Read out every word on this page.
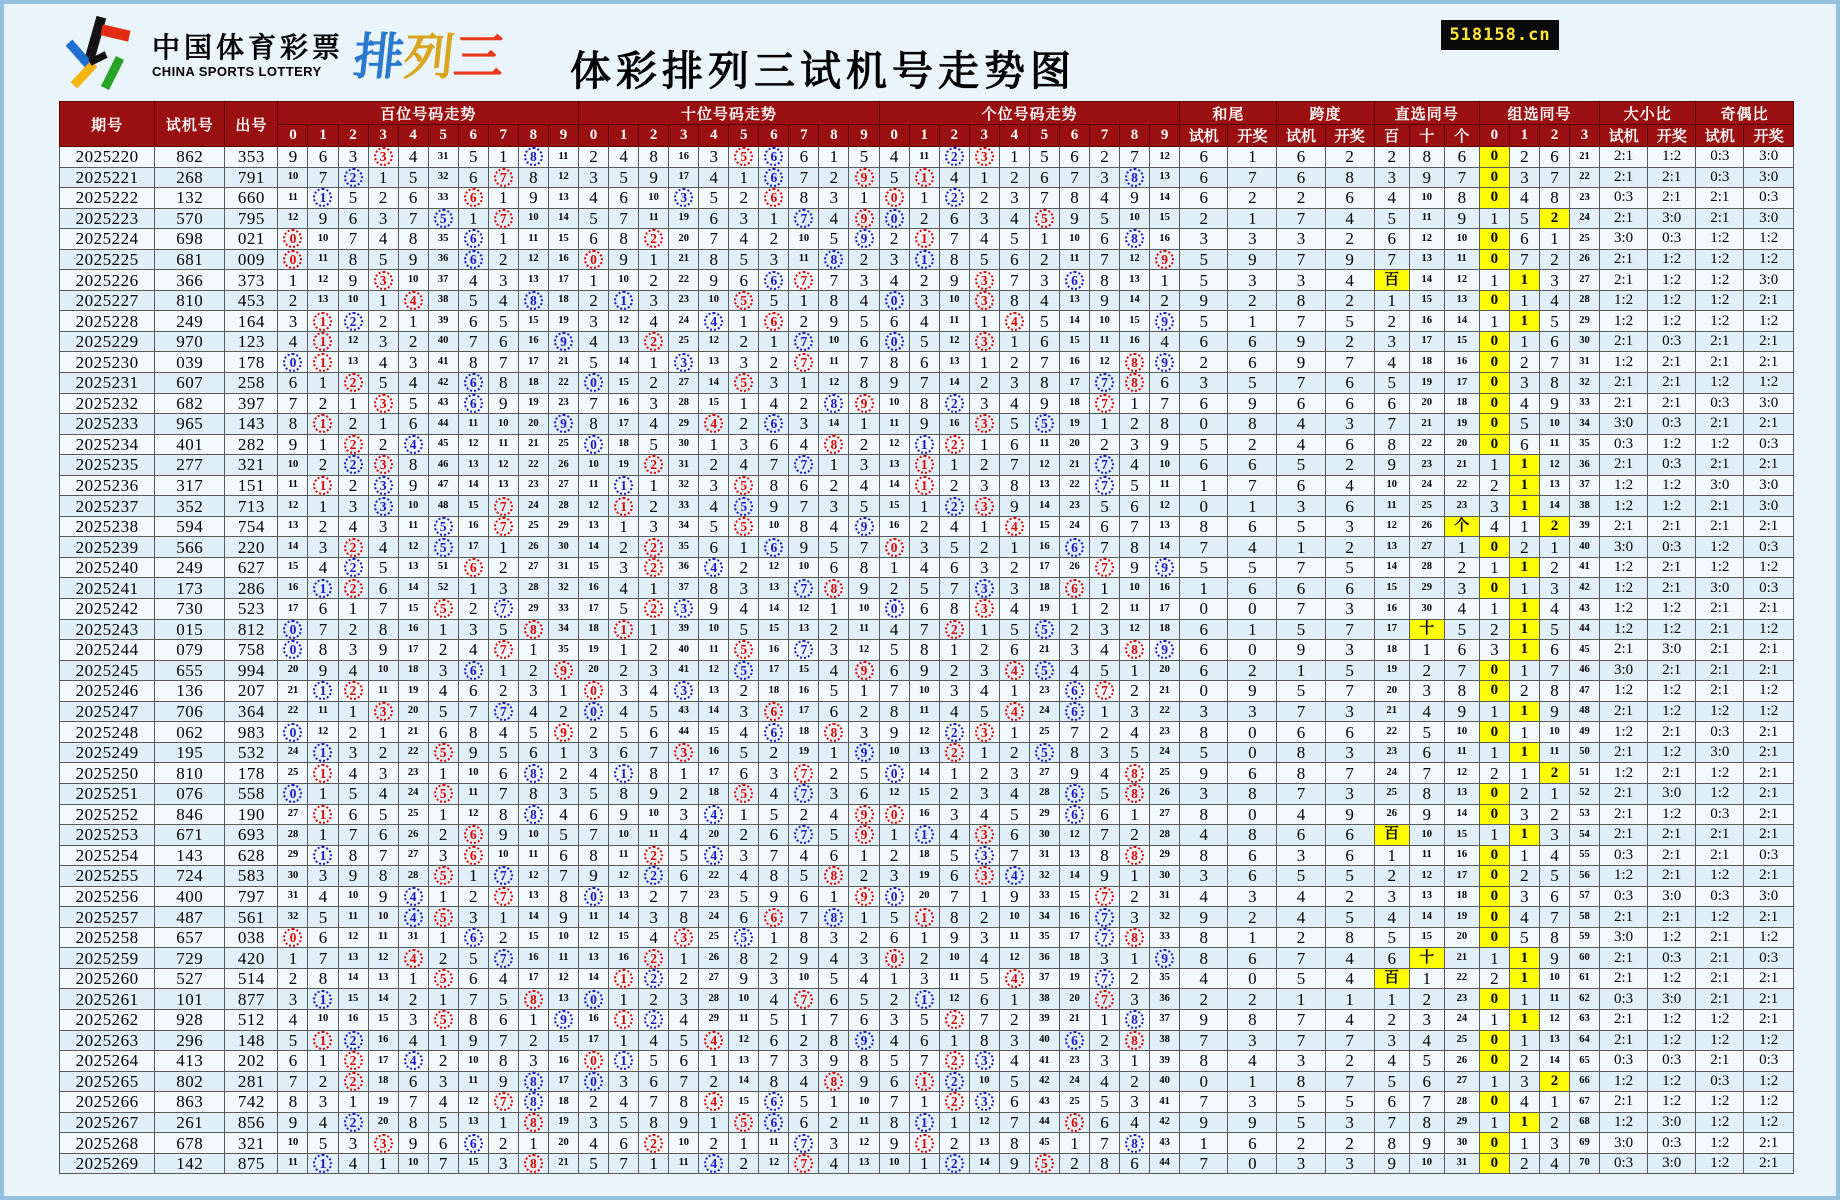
中国体育彩票
CHINA SPORTS LOTTERY 排
列
三 体彩排列三试机号走势图
518158.cn
期号	试机号	出号	百位号码走势										十位号码走势										个位号码走势										和尾		跨度		直选同号			组选同号				大小比		奇偶比	
			0	1	2	3	4	5	6	7	8	9	0	1	2	3	4	5	6	7	8	9	0	1	2	3	4	5	6	7	8	9	试机	开奖	试机	开奖	百	十	个	0	1	2	3	试机	开奖	试机	开奖
2025220	862	353	9	6	3	3	4	31	5	1	8	11	2	4	8	16	3	5	6	6	1	5	4	11	2	3	1	5	6	2	7	12	6	1	6	2	2	8	6	0	2	6	21	2:1	1:2	0:3	3:0
2025221	268	791	10	7	2	1	5	32	6	7	8	12	3	5	9	17	4	1	6	7	2	9	5	1	4	1	2	6	7	3	8	13	6	7	6	8	3	9	7	0	3	7	22	2:1	2:1	0:3	3:0
2025222	132	660	11	1	5	2	6	33	6	1	9	13	4	6	10	3	5	2	6	8	3	1	0	1	2	2	3	7	8	4	9	14	6	2	2	6	4	10	8	0	4	8	23	0:3	2:1	2:1	0:3
2025223	570	795	12	9	6	3	7	5	1	7	10	14	5	7	11	19	6	3	1	7	4	9	0	2	6	3	4	5	9	5	10	15	2	1	7	4	5	11	9	1	5	2	24	2:1	3:0	2:1	3:0
2025224	698	021	0	10	7	4	8	35	6	1	11	15	6	8	2	20	7	4	2	10	5	9	2	1	7	4	5	1	10	6	8	16	3	3	3	2	6	12	10	0	6	1	25	3:0	0:3	1:2	1:2
2025225	681	009	0	11	8	5	9	36	6	2	12	16	0	9	1	21	8	5	3	11	8	2	3	1	8	5	6	2	11	7	12	9	5	9	7	9	7	13	11	0	7	2	26	2:1	1:2	1:2	1:2
2025226	366	373	1	12	9	3	10	37	4	3	13	17	1	10	2	22	9	6	6	7	7	3	4	2	9	3	7	3	6	8	13	1	5	3	3	4	百	14	12	1	1	3	27	2:1	1:2	1:2	3:0
2025227	810	453	2	13	10	1	4	38	5	4	8	18	2	1	3	23	10	5	5	1	8	4	0	3	10	3	8	4	13	9	14	2	9	2	8	2	1	15	13	0	1	4	28	1:2	1:2	1:2	2:1
2025228	249	164	3	1	2	2	1	39	6	5	15	19	3	12	4	24	4	1	6	2	9	5	6	4	11	1	4	5	14	10	15	9	5	1	7	5	2	16	14	1	1	5	29	1:2	1:2	1:2	1:2
2025229	970	123	4	1	12	3	2	40	7	6	16	9	4	13	2	25	12	2	1	7	10	6	0	5	12	3	1	6	15	11	16	4	6	6	9	2	3	17	15	0	1	6	30	2:1	0:3	2:1	2:1
2025230	039	178	0	1	13	4	3	41	8	7	17	21	5	14	1	3	13	3	2	7	11	7	8	6	13	1	2	7	16	12	8	9	2	6	9	7	4	18	16	0	2	7	31	1:2	2:1	2:1	2:1
2025231	607	258	6	1	2	5	4	42	6	8	18	22	0	15	2	27	14	5	3	1	12	8	9	7	14	2	3	8	17	7	8	6	3	5	7	6	5	19	17	0	3	8	32	2:1	2:1	1:2	1:2
2025232	682	397	7	2	1	3	5	43	6	9	19	23	7	16	3	28	15	1	4	2	8	9	10	8	2	3	4	9	18	7	1	7	6	9	6	6	6	20	18	0	4	9	33	2:1	2:1	0:3	3:0
2025233	965	143	8	1	2	1	6	44	11	10	20	9	8	17	4	29	4	2	6	3	14	1	11	9	16	3	5	5	19	1	2	8	0	8	4	3	7	21	19	0	5	10	34	3:0	0:3	2:1	2:1
2025234	401	282	9	1	2	2	4	45	12	11	21	25	0	18	5	30	1	3	6	4	8	2	12	1	2	1	6	11	20	2	3	9	5	2	4	6	8	22	20	0	6	11	35	0:3	1:2	1:2	0:3
2025235	277	321	10	2	2	3	8	46	13	12	22	26	10	19	2	31	2	4	7	7	1	3	13	1	1	2	7	12	21	7	4	10	6	6	5	2	9	23	21	1	1	12	36	2:1	0:3	2:1	2:1
2025236	317	151	11	1	2	3	9	47	14	13	23	27	11	1	1	32	3	5	8	6	2	4	14	1	2	3	8	13	22	7	5	11	1	7	6	4	10	24	22	2	1	13	37	1:2	1:2	3:0	3:0
2025237	352	713	12	1	3	3	10	48	15	7	24	28	12	1	2	33	4	5	9	7	3	5	15	1	2	3	9	14	23	5	6	12	0	1	3	6	11	25	23	3	1	14	38	1:2	1:2	2:1	3:0
2025238	594	754	13	2	4	3	11	5	16	7	25	29	13	1	3	34	5	5	10	8	4	9	16	2	4	1	4	15	24	6	7	13	8	6	5	3	12	26	个	4	1	2	39	2:1	2:1	2:1	2:1
2025239	566	220	14	3	2	4	12	5	17	1	26	30	14	2	2	35	6	1	6	9	5	7	0	3	5	2	1	16	6	7	8	14	7	4	1	2	13	27	1	0	2	1	40	3:0	0:3	1:2	0:3
2025240	249	627	15	4	2	5	13	51	6	2	27	31	15	3	2	36	4	2	12	10	6	8	1	4	6	3	2	17	26	7	9	9	5	5	7	5	14	28	2	1	1	2	41	1:2	2:1	1:2	1:2
2025241	173	286	16	1	2	6	14	52	1	3	28	32	16	4	1	37	8	3	13	7	8	9	2	5	7	3	3	18	6	1	10	16	1	6	6	6	15	29	3	0	1	3	42	1:2	2:1	3:0	0:3
2025242	730	523	17	6	1	7	15	5	2	7	29	33	17	5	2	3	9	4	14	12	1	10	0	6	8	3	4	19	1	2	11	17	0	0	7	3	16	30	4	1	1	4	43	1:2	1:2	2:1	2:1
2025243	015	812	0	7	2	8	16	1	3	5	8	34	18	1	1	39	10	5	15	13	2	11	4	7	2	1	5	5	2	3	12	18	6	1	5	7	17	十	5	2	1	5	44	1:2	1:2	2:1	1:2
2025244	079	758	0	8	3	9	17	2	4	7	1	35	19	1	2	40	11	5	16	7	3	12	5	8	1	2	6	21	3	4	8	9	6	0	9	3	18	1	6	3	1	6	45	2:1	3:0	2:1	2:1
2025245	655	994	20	9	4	10	18	3	6	1	2	9	20	2	3	41	12	5	17	15	4	9	6	9	2	3	4	5	4	5	1	20	6	2	1	5	19	2	7	0	1	7	46	3:0	2:1	2:1	2:1
2025246	136	207	21	1	2	11	19	4	6	2	3	1	0	3	4	3	13	2	18	16	5	1	7	10	3	4	1	23	6	7	2	21	0	9	5	7	20	3	8	0	2	8	47	1:2	1:2	2:1	1:2
2025247	706	364	22	11	1	3	20	5	7	7	4	2	0	4	5	43	14	3	6	17	6	2	8	11	4	5	4	24	6	1	3	22	3	3	7	3	21	4	9	1	1	9	48	2:1	1:2	1:2	1:2
2025248	062	983	0	12	2	1	21	6	8	4	5	9	2	5	6	44	15	4	6	18	8	3	9	12	2	3	1	25	7	2	4	23	8	0	6	6	22	5	10	0	1	10	49	1:2	2:1	0:3	2:1
2025249	195	532	24	1	3	2	22	5	9	5	6	1	3	6	7	3	16	5	2	19	1	9	10	13	2	1	2	5	8	3	5	24	5	0	8	3	23	6	11	1	1	11	50	2:1	1:2	3:0	2:1
2025250	810	178	25	1	4	3	23	1	10	6	8	2	4	1	8	1	17	6	3	7	2	5	0	14	1	2	3	27	9	4	8	25	9	6	8	7	24	7	12	2	1	2	51	1:2	2:1	1:2	2:1
2025251	076	558	0	1	5	4	24	5	11	7	8	3	5	8	9	2	18	5	4	7	3	6	12	15	2	3	4	28	6	5	8	26	3	8	7	3	25	8	13	0	2	1	52	2:1	3:0	1:2	2:1
2025252	846	190	27	1	6	5	25	1	12	8	8	4	6	9	10	3	4	1	5	2	4	9	0	16	3	4	5	29	6	6	1	27	8	0	4	9	26	9	14	0	3	2	53	2:1	1:2	0:3	2:1
2025253	671	693	28	1	7	6	26	2	6	9	10	5	7	10	11	4	20	2	6	7	5	9	1	1	4	3	6	30	12	7	2	28	4	8	6	6	百	10	15	1	1	3	54	2:1	2:1	2:1	2:1
2025254	143	628	29	1	8	7	27	3	6	10	11	6	8	11	2	5	4	3	7	4	6	1	2	18	5	3	7	31	13	8	8	29	8	6	3	6	1	11	16	0	1	4	55	0:3	2:1	2:1	0:3
2025255	724	583	30	3	9	8	28	5	1	7	12	7	9	12	2	6	22	4	8	5	8	2	3	19	6	3	4	32	14	9	1	30	3	6	5	5	2	12	17	0	2	5	56	1:2	2:1	1:2	2:1
2025256	400	797	31	4	10	9	4	1	2	7	13	8	0	13	2	7	23	5	9	6	1	9	0	20	7	1	9	33	15	7	2	31	4	3	4	2	3	13	18	0	3	6	57	0:3	3:0	0:3	3:0
2025257	487	561	32	5	11	10	4	5	3	1	14	9	11	14	3	8	24	6	6	7	8	1	5	1	8	2	10	34	16	7	3	32	9	2	4	5	4	14	19	0	4	7	58	2:1	2:1	1:2	2:1
2025258	657	038	0	6	12	11	31	1	6	2	15	10	12	15	4	3	25	5	1	8	3	2	6	1	9	3	11	35	17	7	8	33	8	1	2	8	5	15	20	0	5	8	59	3:0	1:2	2:1	1:2
2025259	729	420	1	7	13	12	4	2	5	7	16	11	13	16	2	1	26	8	2	9	4	3	0	2	10	4	12	36	18	3	1	9	8	6	7	4	6	十	21	1	1	9	60	2:1	0:3	2:1	0:3
2025260	527	514	2	8	14	13	1	5	6	4	17	12	14	1	2	2	27	9	3	10	5	4	1	3	11	5	4	37	19	7	2	35	4	0	5	4	百	1	22	2	1	10	61	2:1	1:2	2:1	2:1
2025261	101	877	3	1	15	14	2	1	7	5	8	13	0	1	2	3	28	10	4	7	6	5	2	1	12	6	1	38	20	7	3	36	2	2	1	1	1	2	23	0	1	11	62	0:3	3:0	2:1	2:1
2025262	928	512	4	10	16	15	3	5	8	6	1	9	16	1	2	4	29	11	5	1	7	6	3	5	2	7	2	39	21	1	8	37	9	8	7	4	2	3	24	1	1	12	63	2:1	1:2	1:2	2:1
2025263	296	148	5	1	2	16	4	1	9	7	2	15	17	1	4	5	4	12	6	2	8	9	4	6	1	8	3	40	6	2	8	38	7	3	7	7	3	4	25	0	1	13	64	2:1	1:2	1:2	1:2
2025264	413	202	6	1	2	17	4	2	10	8	3	16	0	1	5	6	1	13	7	3	9	8	5	7	2	3	4	41	23	3	1	39	8	4	3	2	4	5	26	0	2	14	65	0:3	0:3	2:1	0:3
2025265	802	281	7	2	2	18	6	3	11	9	8	17	0	3	6	7	2	14	8	4	8	9	6	1	2	10	5	42	24	4	2	40	0	1	8	7	5	6	27	1	3	2	66	1:2	1:2	0:3	1:2
2025266	863	742	8	3	1	19	7	4	12	7	8	18	2	4	7	8	4	15	6	5	1	10	7	1	2	3	6	43	25	5	3	41	7	3	5	5	6	7	28	0	4	1	67	2:1	1:2	1:2	1:2
2025267	261	856	9	4	2	20	8	5	13	1	8	19	3	5	8	9	1	5	6	6	2	11	8	1	1	12	7	44	6	6	4	42	9	9	5	3	7	8	29	1	1	2	68	1:2	3:0	1:2	1:2
2025268	678	321	10	5	3	3	9	6	6	2	1	20	4	6	2	10	2	1	11	7	3	12	9	1	2	13	8	45	1	7	8	43	1	6	2	2	8	9	30	0	1	3	69	3:0	0:3	1:2	2:1
2025269	142	875	11	1	4	1	10	7	15	3	8	21	5	7	1	11	4	2	12	7	4	13	10	1	2	14	9	5	2	8	6	44	7	0	3	3	9	10	31	0	2	4	70	0:3	3:0	1:2	2:1
